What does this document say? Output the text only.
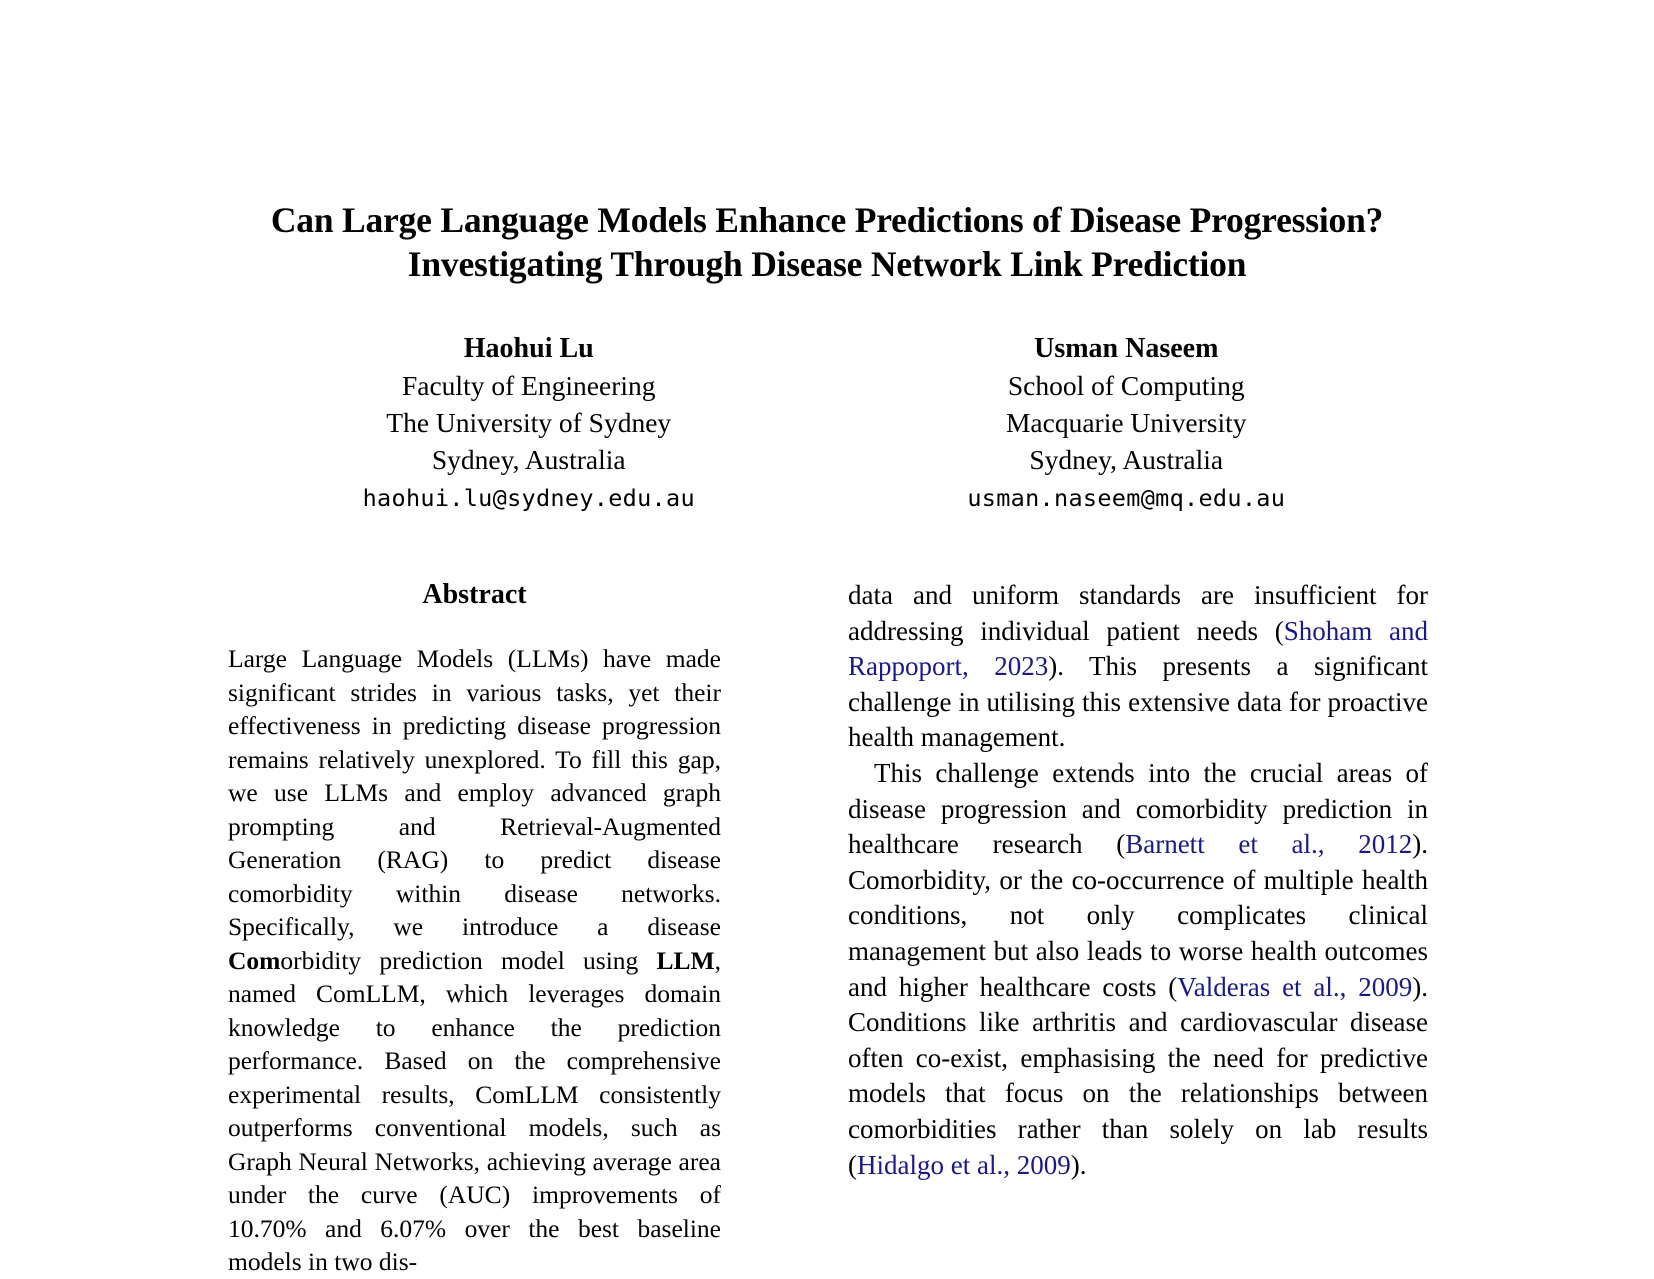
Can Large Language Models Enhance Predictions of Disease Progression?
Investigating Through Disease Network Link Prediction
Haohui Lu
Faculty of Engineering
The University of Sydney
Sydney, Australia
haohui.lu@sydney.edu.au
Usman Naseem
School of Computing
Macquarie University
Sydney, Australia
usman.naseem@mq.edu.au
Abstract

Large Language Models (LLMs) have made significant strides in various tasks, yet their effectiveness in predicting disease progression remains relatively unexplored. To fill this gap, we use LLMs and employ advanced graph prompting and Retrieval-Augmented Generation (RAG) to predict disease comorbidity within disease networks. Specifically, we introduce a disease Comorbidity prediction model using LLM, named ComLLM, which leverages domain knowledge to enhance the prediction performance. Based on the comprehensive experimental results, ComLLM consistently outperforms conventional models, such as Graph Neural Networks, achieving average area under the curve (AUC) improvements of 10.70% and 6.07% over the best baseline models in two dis-

data and uniform standards are insufficient for addressing individual patient needs (Shoham and Rappoport, 2023). This presents a significant challenge in utilising this extensive data for proactive health management.

This challenge extends into the crucial areas of disease progression and comorbidity prediction in healthcare research (Barnett et al., 2012). Comorbidity, or the co-occurrence of multiple health conditions, not only complicates clinical management but also leads to worse health outcomes and higher healthcare costs (Valderas et al., 2009). Conditions like arthritis and cardiovascular disease often co-exist, emphasising the need for predictive models that focus on the relationships between comorbidities rather than solely on lab results (Hidalgo et al., 2009).
